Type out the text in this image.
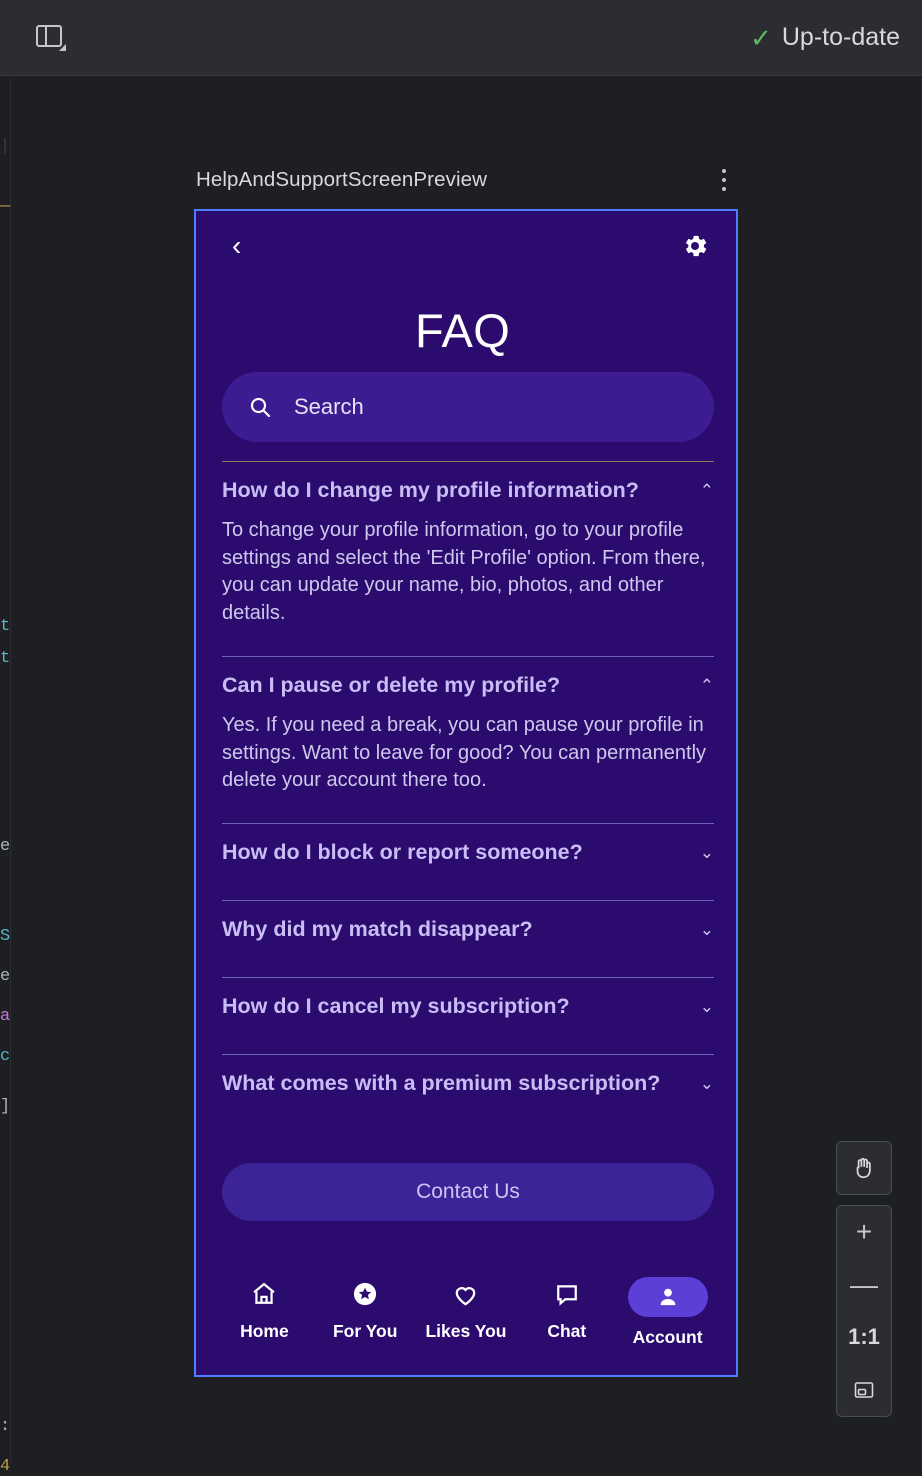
✓ Up-to-date
|
—
t
t
e
S
e
a
c
]
:
4
HelpAndSupportScreenPreview
‹
FAQ
Search
How do I change my profile information?	⌃
To change your profile information, go to your profile settings and select the 'Edit Profile' option. From there, you can update your name, bio, photos, and other details.
Can I pause or delete my profile?	⌃
Yes. If you need a break, you can pause your profile in settings. Want to leave for good? You can permanently delete your account there too.
How do I block or report someone?	⌄
Why did my match disappear?	⌄
How do I cancel my subscription?	⌄
What comes with a premium subscription?	⌄
Contact Us
Home	For You Likes You Chat	Account
+
—
1:1
